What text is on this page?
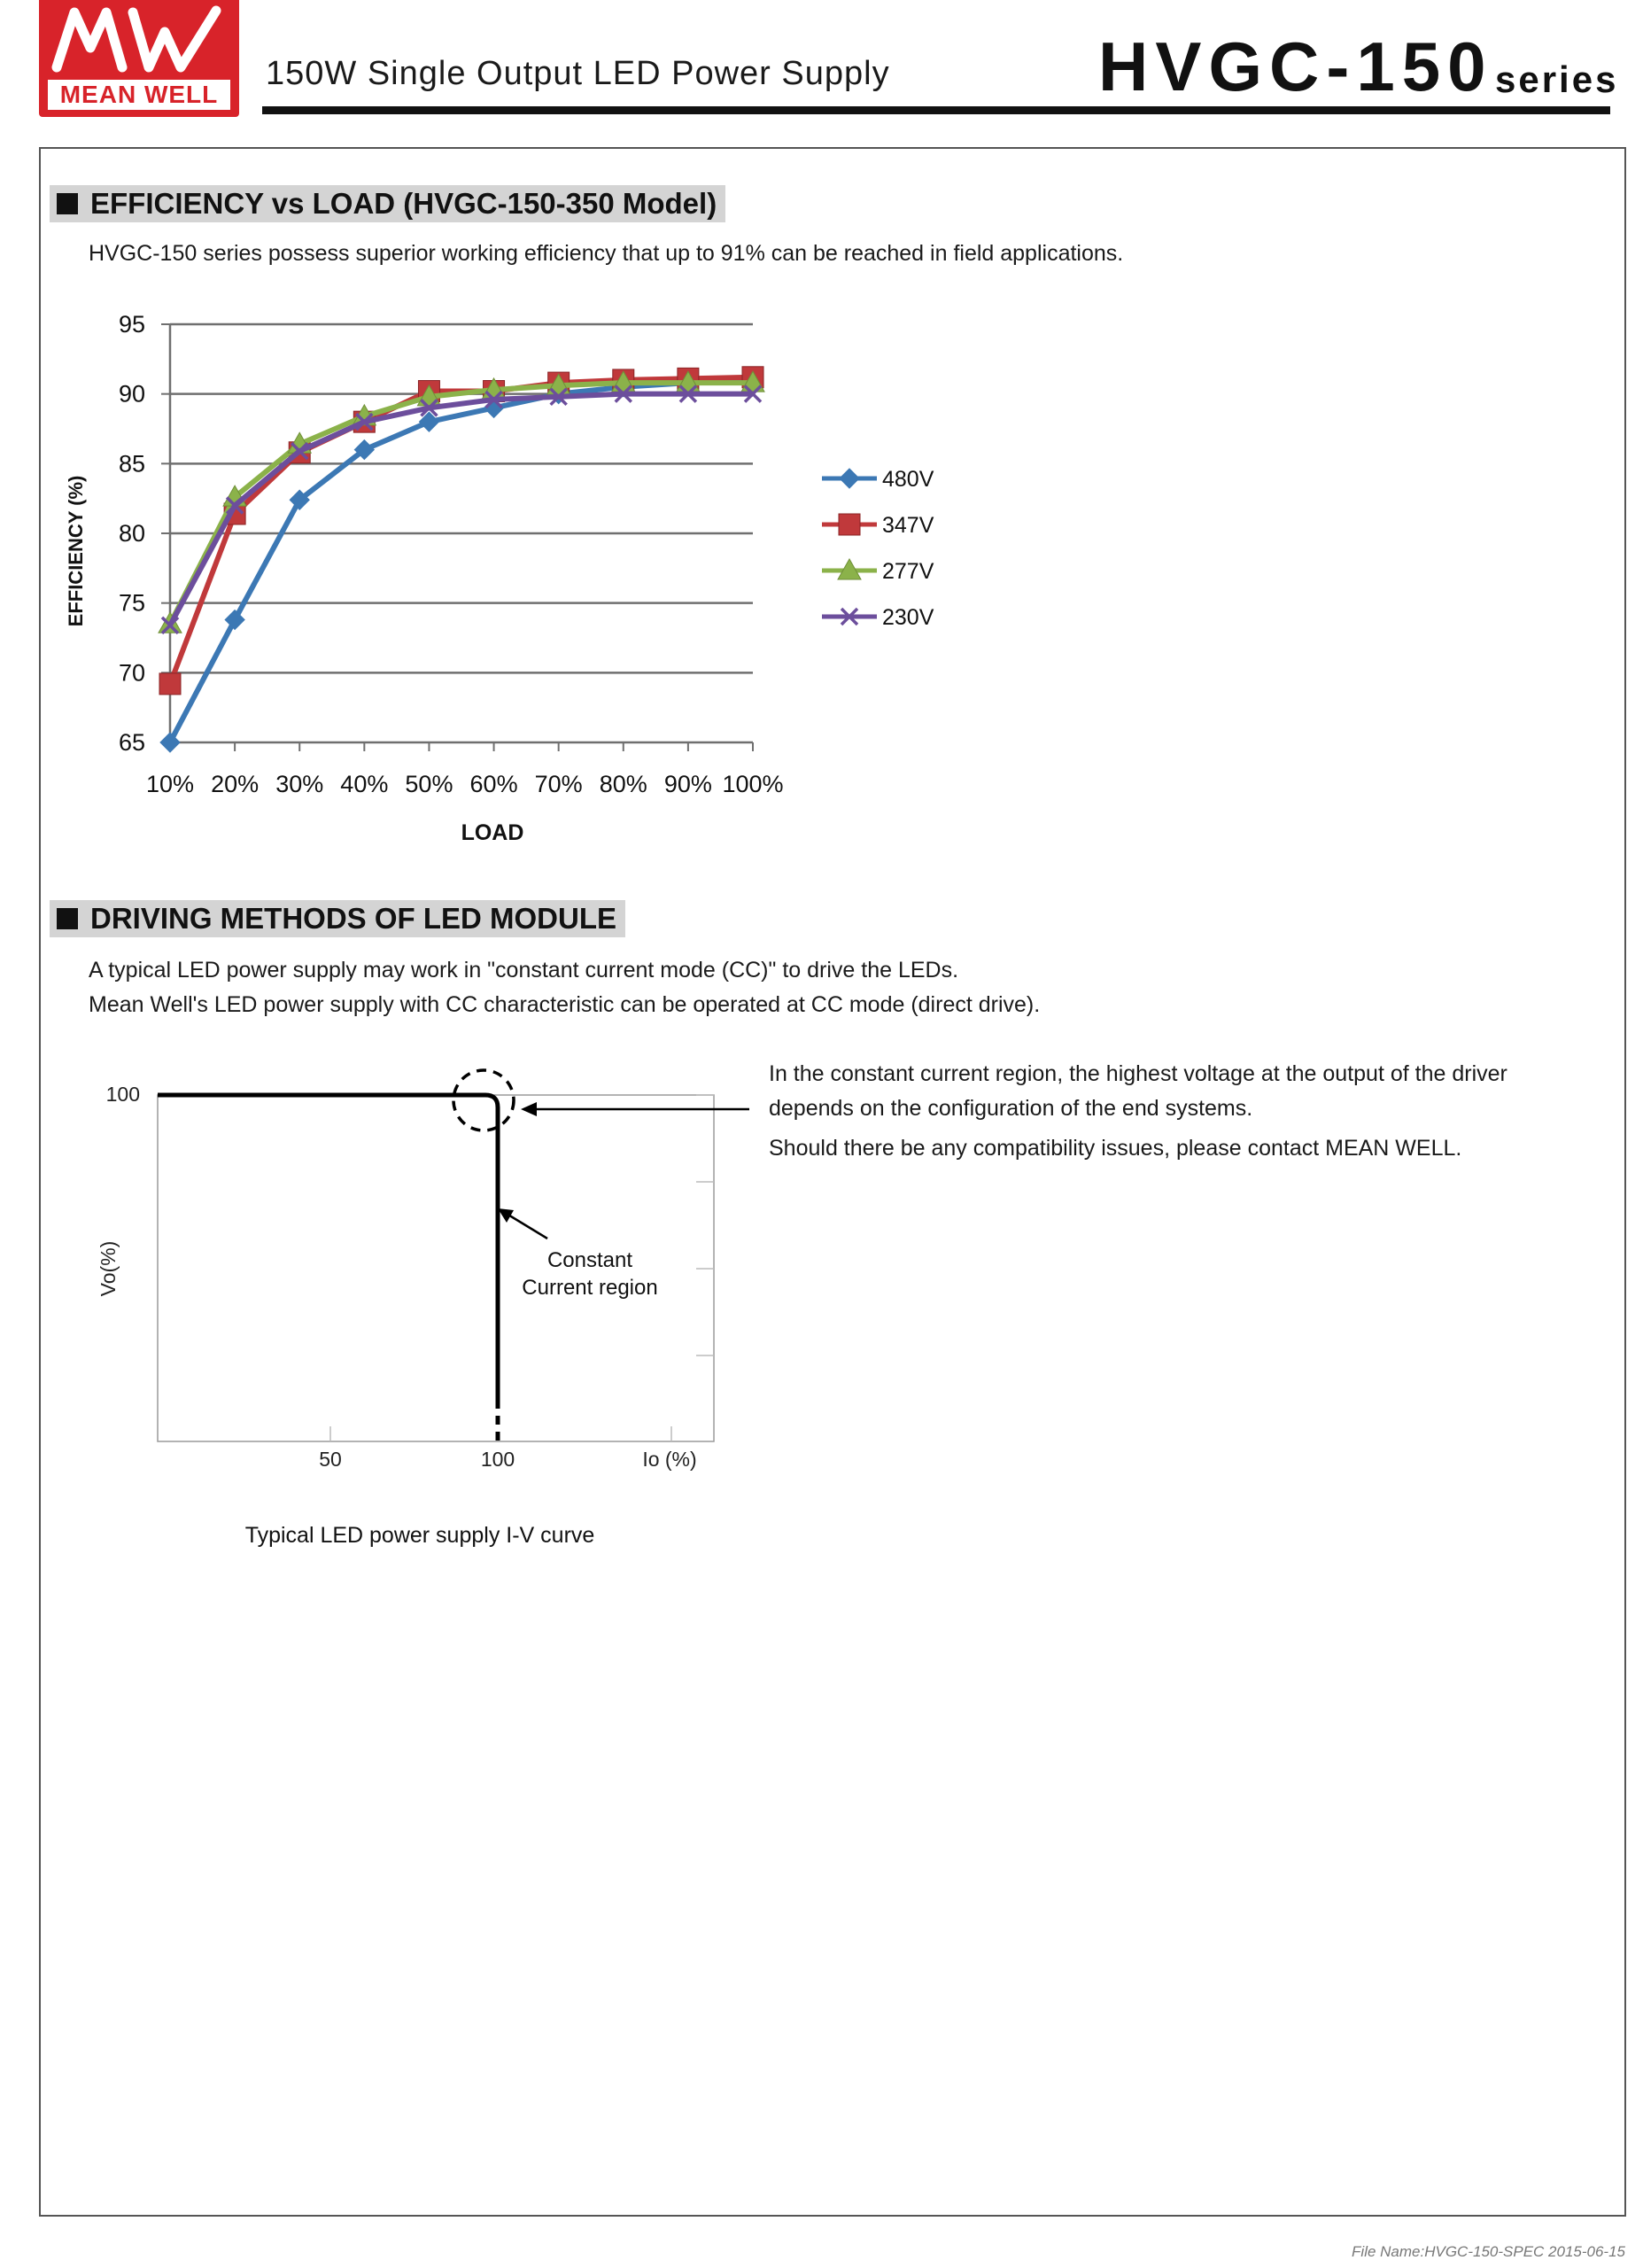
MEAN WELL
150W Single Output LED Power Supply	HVGC-150 series
EFFICIENCY vs LOAD (HVGC-150-350 Model)
HVGC-150 series possess superior working efficiency that up to 91% can be reached in field applications.
65
70
75
80
85
90
95
10% 20% 30% 40% 50% 60% 70% 80% 90% 100%
480V
347V
277V
230V
EFFICIENCY (%)
LOAD
DRIVING METHODS OF LED MODULE
A typical LED power supply may work in "constant current mode (CC)" to drive the LEDs.
Mean Well's LED power supply with CC characteristic can be operated at CC mode (direct drive).
In the constant current region, the highest voltage at the output of the driver
depends on the configuration of the end systems.
Should there be any compatibility issues, please contact MEAN WELL.
100
50	100	Io (%)
Vo(%)	Constant
Current region
Typical LED power supply I-V curve
File Name:HVGC-150-SPEC 2015-06-15
